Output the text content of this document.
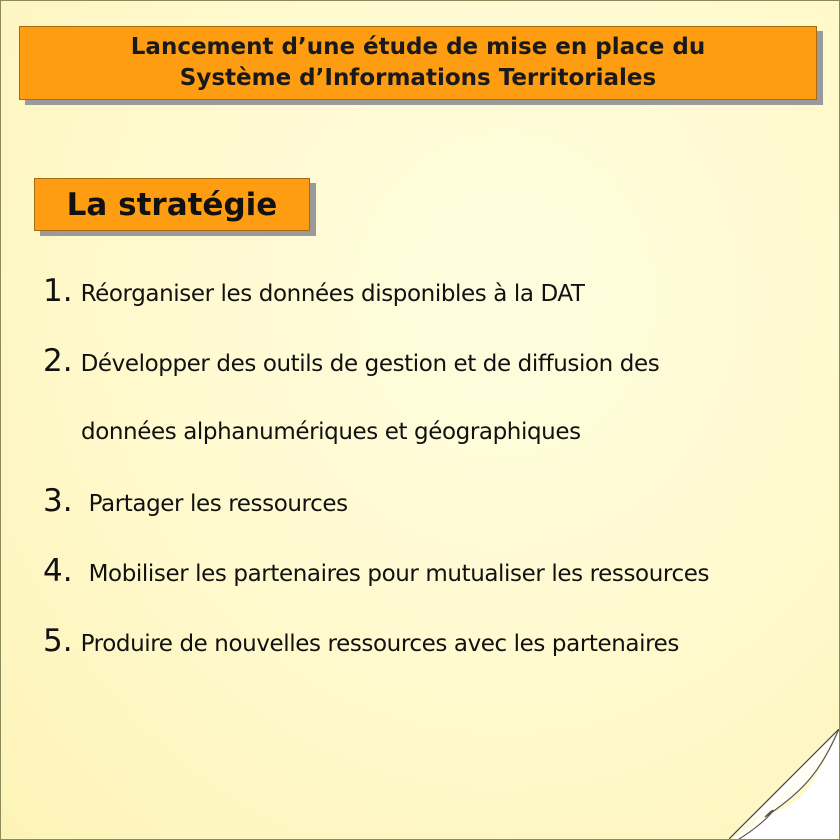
Lancement d’une étude de mise en place du
Système d’Informations Territoriales
La stratégie
1. Réorganiser les données disponibles à la DAT
2. Développer des outils de gestion et de diffusion des
données alphanumériques et géographiques
3. Partager les ressources
4. Mobiliser les partenaires pour mutualiser les ressources
5. Produire de nouvelles ressources avec les partenaires
